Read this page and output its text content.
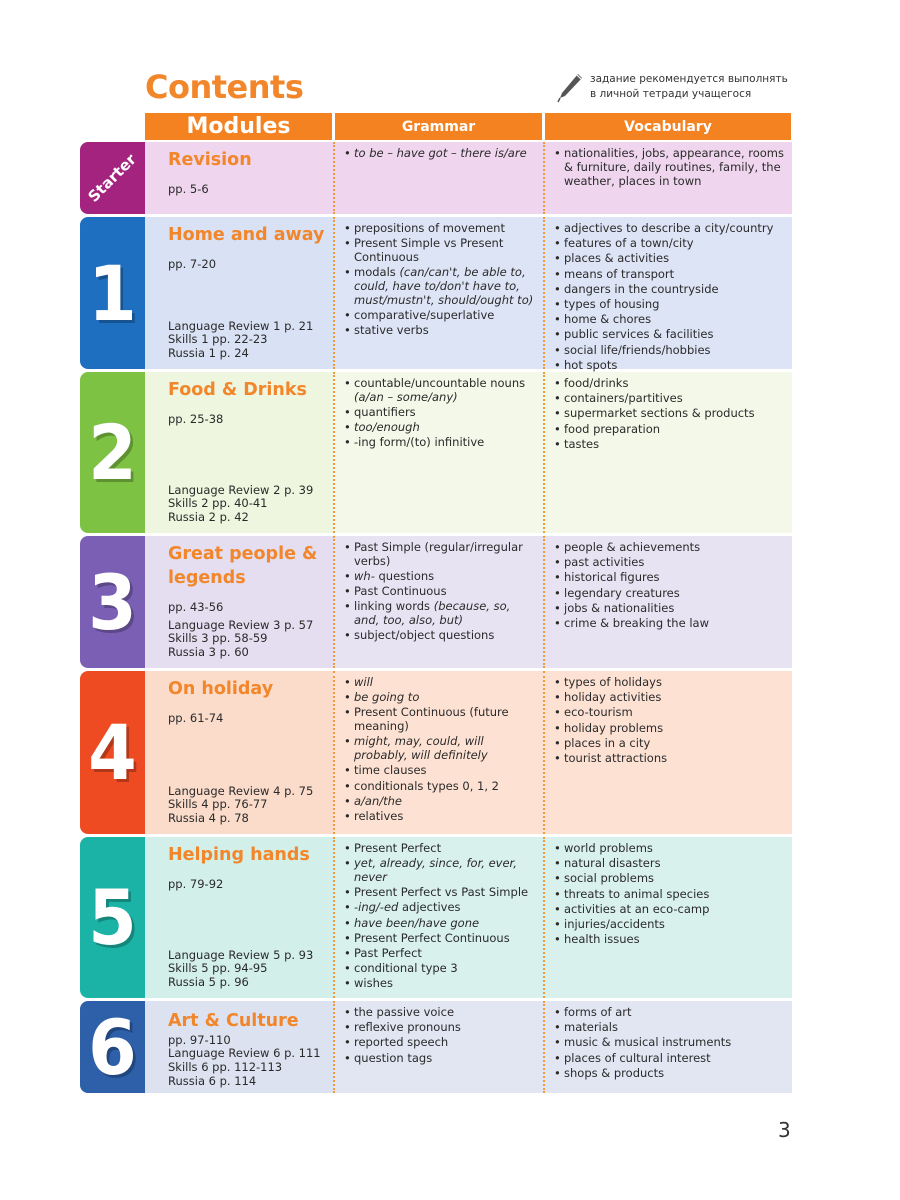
Contents	задание рекомендуется выполнять
в личной тетради учащегося
Modules	Grammar	Vocabulary
Starter Revision
pp. 5-6
• to be – have got – there is/are
•	nationalities, jobs, appearance, rooms & furniture, daily routines, family, the weather, places in town
1
Home and away
pp. 7-20
Language Review 1 p. 21
Skills 1 pp. 22-23
Russia 1 p. 24
• prepositions of movement
• Present Simple vs Present Continuous
• modals (can/can't, be able to, could, have to/don't have to, must/mustn't, should/ought to)
• comparative/superlative
• stative verbs
• adjectives to describe a city/country
• features of a town/city
• places & activities
• means of transport
• dangers in the countryside
• types of housing
• home & chores
• public services & facilities
• social life/friends/hobbies
• hot spots
2
Food & Drinks
pp. 25-38
Language Review 2 p. 39
Skills 2 pp. 40-41
Russia 2 p. 42
• countable/uncountable nouns (a/an – some/any)
• quantifiers
• too/enough
• -ing form/(to) infinitive
• food/drinks
• containers/partitives
• supermarket sections & products
• food preparation
• tastes
3
Great people & legends
pp. 43-56
Language Review 3 p. 57
Skills 3 pp. 58-59
Russia 3 p. 60
• Past Simple (regular/irregular verbs)
• wh- questions
• Past Continuous
• linking words (because, so, and, too, also, but)
• subject/object questions
• people & achievements
• past activities
• historical figures
• legendary creatures
• jobs & nationalities
• crime & breaking the law
4
On holiday
pp. 61-74
Language Review 4 p. 75
Skills 4 pp. 76-77
Russia 4 p. 78
• will
• be going to
• Present Continuous (future meaning)
• might, may, could, will probably, will definitely
• time clauses
• conditionals types 0, 1, 2
• a/an/the
• relatives
• types of holidays
• holiday activities
• eco-tourism
• holiday problems
• places in a city
• tourist attractions
5
Helping hands
pp. 79-92
Language Review 5 p. 93
Skills 5 pp. 94-95
Russia 5 p. 96
• Present Perfect
• yet, already, since, for, ever, never
• Present Perfect vs Past Simple
• -ing/-ed adjectives
• have been/have gone
• Present Perfect Continuous
• Past Perfect
• conditional type 3
• wishes
• world problems
• natural disasters
• social problems
• threats to animal species
• activities at an eco-camp
• injuries/accidents
• health issues
6 Art & Culture
pp. 97-110
Language Review 6 p. 111
Skills 6 pp. 112-113
Russia 6 p. 114
• the passive voice
• reflexive pronouns
• reported speech
• question tags
• forms of art
• materials
• music & musical instruments
• places of cultural interest
• shops & products
3
